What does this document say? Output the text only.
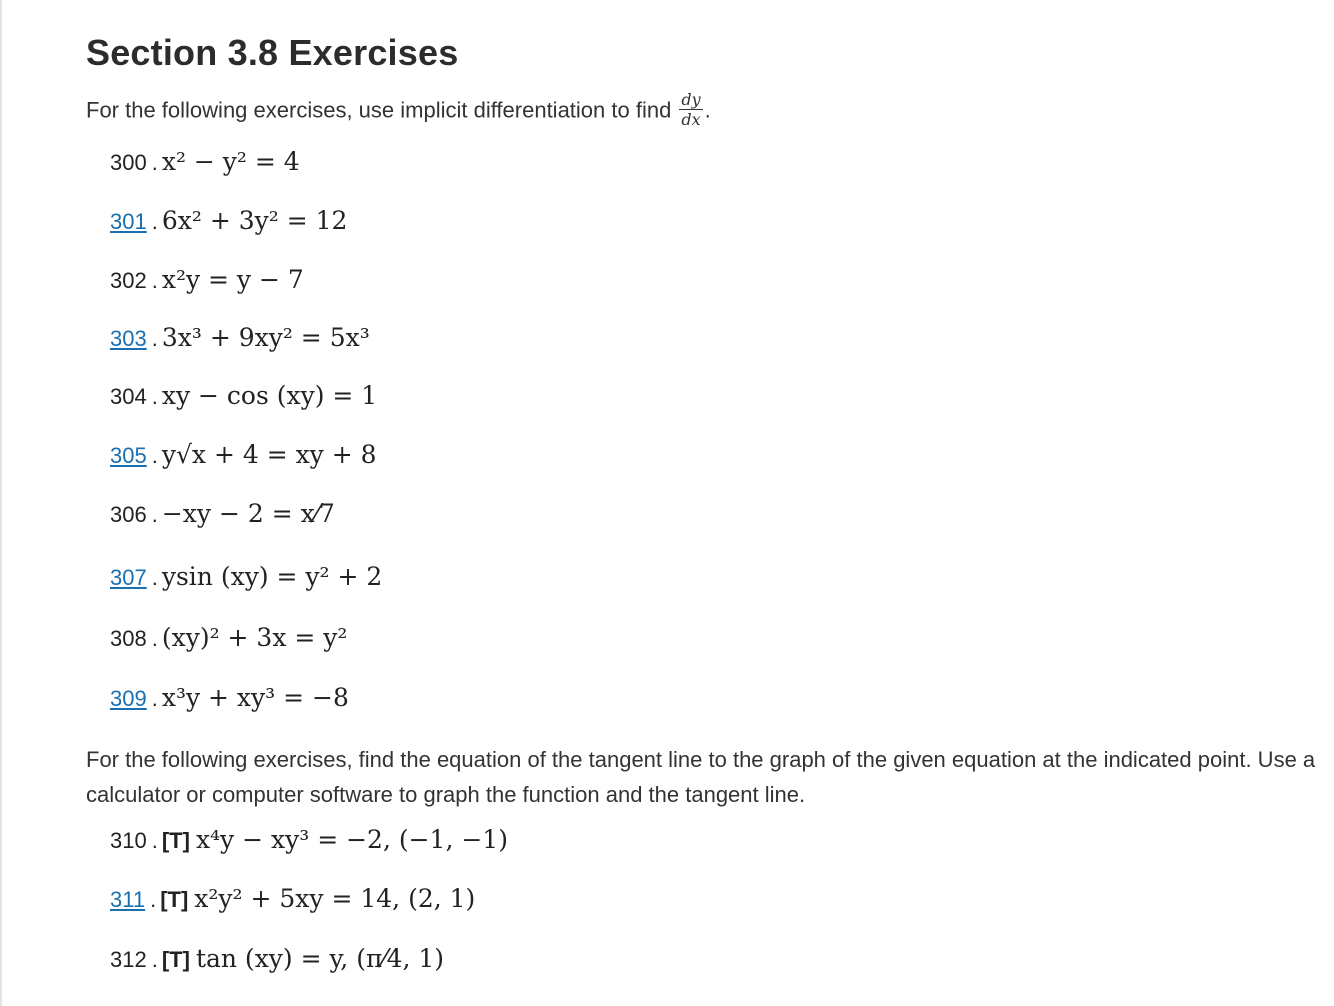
Section 3.8 Exercises
For the following exercises, use implicit differentiation to find $\frac{dy}{dx}$ .
300 . x² − y² = 4
301 . 6x² + 3y² = 12
302 . x²y = y − 7
303 . 3x³ + 9xy² = 5x³
304 . xy − cos (xy) = 1
305 . y√x + 4 = xy + 8
306 . −xy − 2 = x⁄7
307 . ysin (xy) = y² + 2
308 . (xy)² + 3x = y²
309 . x³y + xy³ = −8
For the following exercises, find the equation of the tangent line to the graph of the given equation at the indicated point. Use a calculator or computer software to graph the function and the tangent line.
310 . [T] x⁴y − xy³ = −2, (−1, −1)
311 . [T] x²y² + 5xy = 14, (2, 1)
312 . [T] tan (xy) = y, (π⁄4, 1)
